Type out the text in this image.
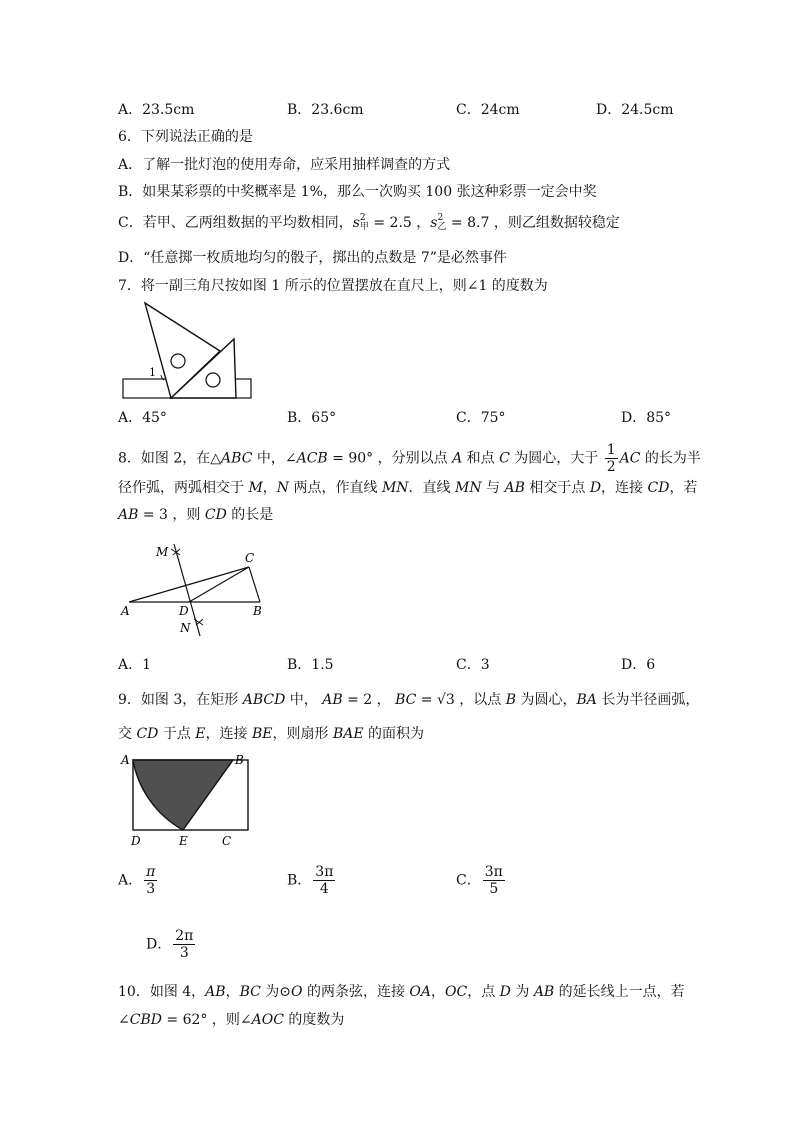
A．23.5cm	B．23.6cm	C．24cm	D．24.5cm
6．下列说法正确的是
A．了解一批灯泡的使用寿命，应采用抽样调查的方式
B．如果某彩票的中奖概率是 1%，那么一次购买 100 张这种彩票一定会中奖
C．若甲、乙两组数据的平均数相同，s 2
甲 = 2.5 ，s 2
乙 = 8.7 ，则乙组数据较稳定
D．“任意掷一枚质地均匀的骰子，掷出的点数是 7”是必然事件
7．将一副三角尺按如图 1 所示的位置摆放在直尺上，则∠1 的度数为
1
A．45°	B．65°	C．75°	D．85°
8．如图 2，在△ABC 中，∠ACB = 90° ，分别以点 A 和点 C 为圆心，大于 $\frac{1}{2}$ AC 的长为半
径作弧，两弧相交于 M，N 两点，作直线 MN．直线 MN 与 AB 相交于点 D，连接 CD，若
AB = 3 ，则 CD 的长是
M	C
A	D	B
N
A．1	B．1.5	C．3	D．6
9．如图 3，在矩形 ABCD 中， AB = 2 ， BC = √3 ，以点 B 为圆心，BA 长为半径画弧，
交 CD 于点 E，连接 BE，则扇形 BAE 的面积为
A	B
D	E	C
A． $\frac{\pi}{3}$	B． $\frac{3\pi}{4}$	C． $\frac{3\pi}{5}$
D． $\frac{2\pi}{3}$
10．如图 4，AB，BC 为⊙O 的两条弦，连接 OA，OC，点 D 为 AB 的延长线上一点，若
∠CBD = 62° ，则∠AOC 的度数为
